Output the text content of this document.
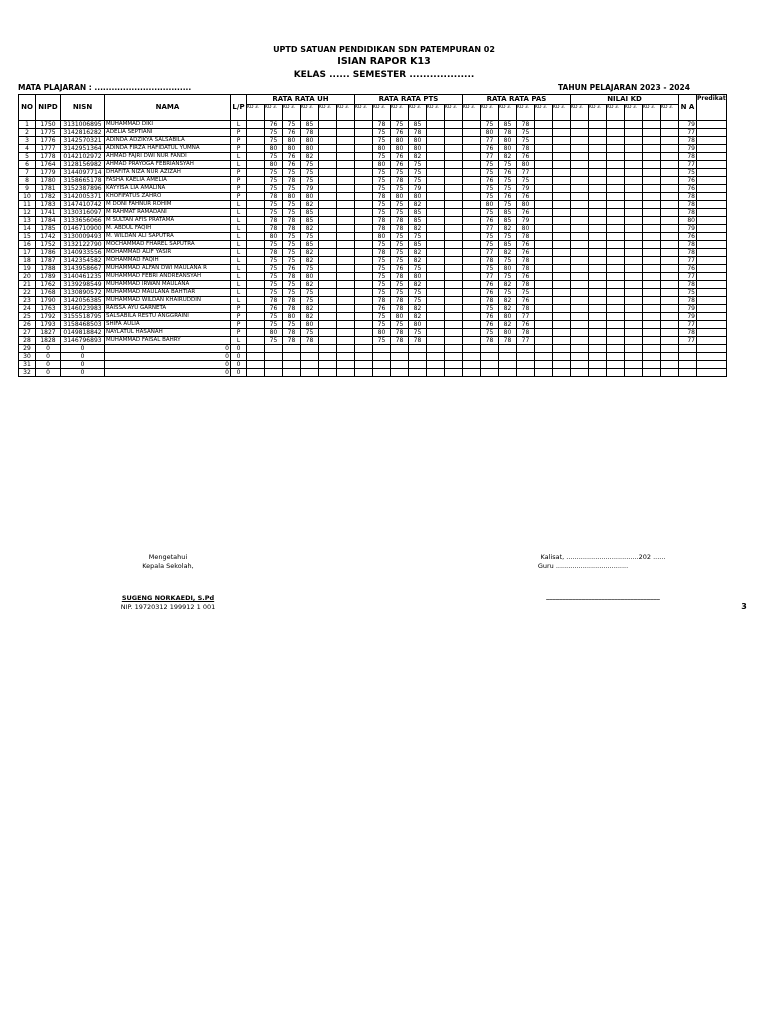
UPTD SATUAN PENDIDIKAN SDN PATEMPURAN 02
ISIAN RAPOR K13
KELAS ...... SEMESTER ...................
MATA PLAJARAN : ..................................	TAHUN PELAJARAN 2023 - 2024
NO	NIPD	NISN	NAMA	L/P	RATA RATA UH						RATA RATA PTS						RATA RATA PAS						NILAI KD						N A	Predikat
					KD 3.	KD 3.	KD 3.	KD 3.	KD 3.	KD 3.	KD 3.	KD 3.	KD 3.	KD 3.	KD 3.	KD 3.	KD 3.	KD 3.	KD 3.	KD 3.	KD 3.	KD 3.	KD 3.	KD 3.	KD 3.	KD 3.	KD 3.	KD 3.		
1	1750	3131006895	MUHAMMAD DIKI	L		76	75	85				78	75	85				75	85	78									79	
2	1775	3142816282	ADELIA SEPTIANI	P		75	76	78				75	76	78				80	78	75									77	
3	1776	3142570321	ADINDA ADZIKYA SALSABILA	P		75	80	80				75	80	80				77	80	75									78	
4	1777	3142951364	ADINDA FIRZA HAFIDATUL YUMNA	P		80	80	80				80	80	80				76	80	78									79	
5	1778	0142102972	AHMAD FAJRI DWI NUR FANDI	L		75	76	82				75	76	82				77	82	76									78	
6	1764	3128156982	AHMAD PRAYOGA FEBRIANSYAH	L		80	76	75				80	76	75				75	75	80									77	
7	1779	3144097714	DHAFITA NIZA NUR AZIZAH	P		75	75	75				75	75	75				75	76	77									75	
8	1780	3158665178	FASHA KAELIA AMELIA	P		75	78	75				75	78	75				76	75	75									76	
9	1781	3152387896	KAYYISA LIA AMALINA	P		75	75	79				75	75	79				75	75	79									76	
10	1782	3142005371	KHOFIFATUS ZAHRO	P		78	80	80				78	80	80				75	76	76									78	
11	1783	3147410742	M DONI FAHNUR ROHIM	L		75	75	82				75	75	82				80	75	80									78	
12	1741	3130316097	M RAHMAT RAMADANI	L		75	75	85				75	75	85				75	85	76									78	
13	1784	3133656066	M SULTAN AFIS PRATAMA	L		78	78	85				78	78	85				76	85	79									80	
14	1785	0146710900	M. ABDUL FAQIH	L		78	78	82				78	78	82				77	82	80									79	
15	1742	3130009493	M. WILDAN ALI SAPUTRA	L		80	75	75				80	75	75				75	75	78									76	
16	1752	3132122790	MOCHAMMAD FHAREL SAPUTRA	L		75	75	85				75	75	85				75	85	76									78	
17	1786	3140933556	MOHAMMAD ALIF YASIR	L		78	75	82				78	75	82				77	82	76									78	
18	1787	3142354582	MOHAMMAD FAQIH	L		75	75	82				75	75	82				78	75	78									77	
19	1788	3143958667	MUHAMMAD ALFAN DWI MAULANA R	L		75	76	75				75	76	75				75	80	78									76	
20	1789	3140461235	MUHAMMAD FEBRI ANDREANSYAH	L		75	78	80				75	78	80				77	75	76									77	
21	1762	3139298549	MUHAMMAD IRWAN MAULANA	L		75	75	82				75	75	82				76	82	78									78	
22	1768	3130890572	MUHAMMAD MAULANA BAHTIAR	L		75	75	75				75	75	75				76	75	75									75	
23	1790	3142056385	MUHAMMAD WILDAN KHAIRUDDIN	L		78	78	75				78	78	75				78	82	76									78	
24	1763	3146023983	RAISSA AYU GARNETA	P		76	78	82				76	78	82				75	82	78									79	
25	1792	3155518795	SALSABILA RESTU ANGGRAINI	P		75	80	82				75	80	82				76	80	77									79	
26	1793	3158468503	SHIFA AULIA	P		75	75	80				75	75	80				76	82	76									77	
27	1827	0149818842	NAYLATUL HASANAH	P		80	78	75				80	78	75				75	80	78									78	
28	1828	3146796893	MUHAMMAD FAISAL BAHRY	L		75	78	78				75	78	78				78	78	77									77	
29	0	0	0	0																										
30	0	0	0	0																										
31	0	0	0	0																										
32	0	0	0	0																										
Mengetahui
Kepala Sekolah,
SUGENG NORKAEDI, S.Pd
NIP. 19720312 199912 1 001
Kalisat, ...................................202 ......
Guru ...................................
___________________________________
3
